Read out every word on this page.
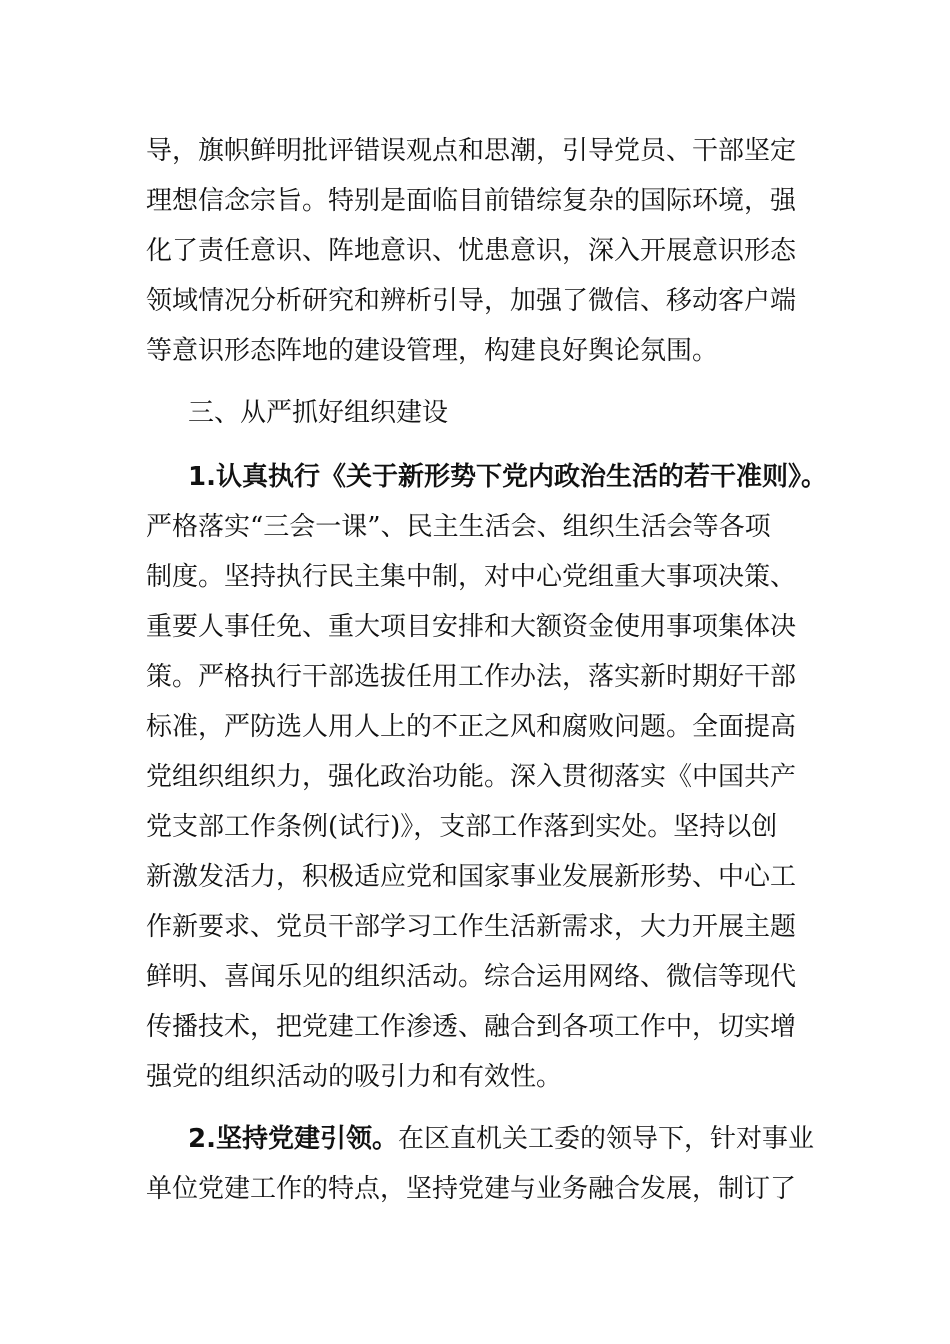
导，旗帜鲜明批评错误观点和思潮，引导党员、干部坚定
理想信念宗旨。特别是面临目前错综复杂的国际环境，强
化了责任意识、阵地意识、忧患意识，深入开展意识形态
领域情况分析研究和辨析引导，加强了微信、移动客户端
等意识形态阵地的建设管理，构建良好舆论氛围。
三、从严抓好组织建设
1.认真执行《关于新形势下党内政治生活的若干准则》。
严格落实“三会一课”、民主生活会、组织生活会等各项
制度。坚持执行民主集中制，对中心党组重大事项决策、
重要人事任免、重大项目安排和大额资金使用事项集体决
策。严格执行干部选拔任用工作办法，落实新时期好干部
标准，严防选人用人上的不正之风和腐败问题。全面提高
党组织组织力，强化政治功能。深入贯彻落实《中国共产
党支部工作条例(试行)》，支部工作落到实处。坚持以创
新激发活力，积极适应党和国家事业发展新形势、中心工
作新要求、党员干部学习工作生活新需求，大力开展主题
鲜明、喜闻乐见的组织活动。综合运用网络、微信等现代
传播技术，把党建工作渗透、融合到各项工作中，切实增
强党的组织活动的吸引力和有效性。
2.坚持党建引领。在区直机关工委的领导下，针对事业
单位党建工作的特点，坚持党建与业务融合发展，制订了
